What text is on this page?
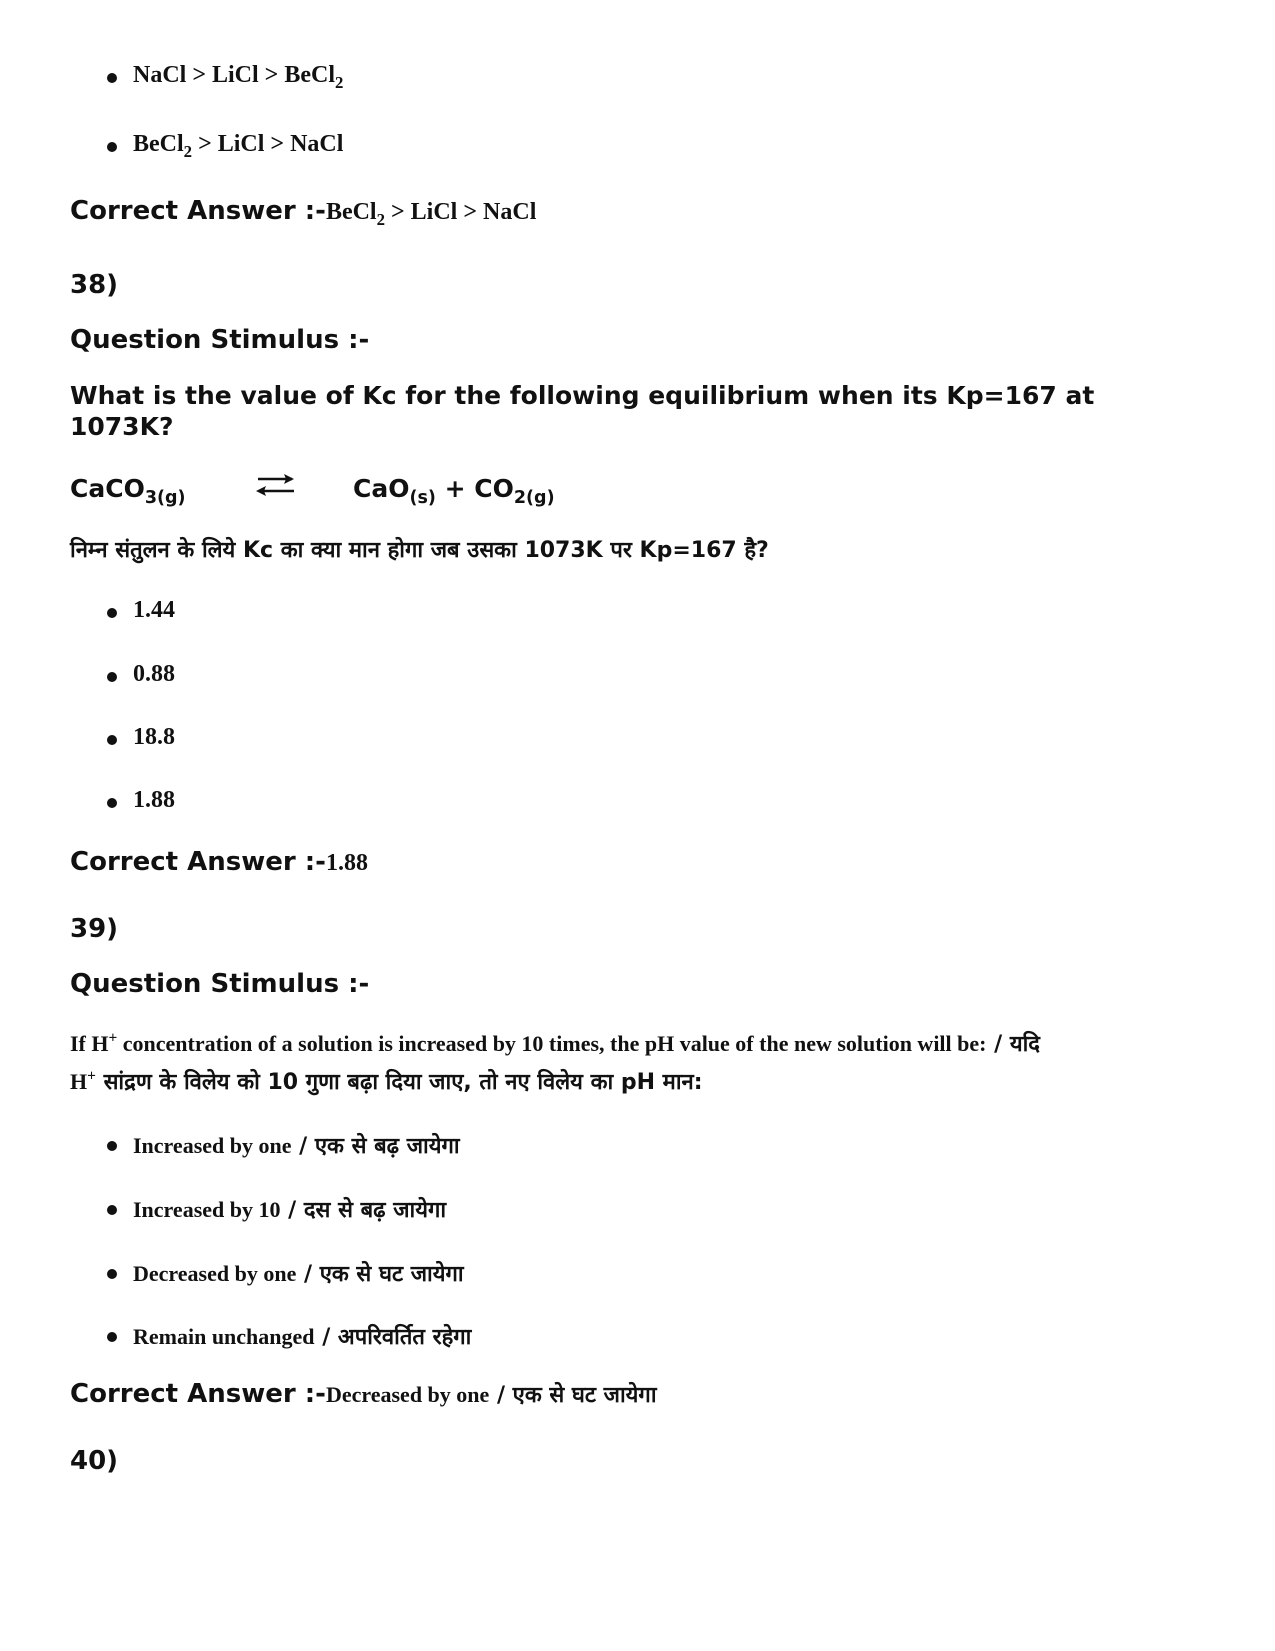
NaCl > LiCl > BeCl$_2$
BeCl$_2$ > LiCl > NaCl
Correct Answer :-BeCl$_2$ > LiCl > NaCl
38)
Question Stimulus :-
What is the value of Kc for the following equilibrium when its Kp=167 at
1073K?
CaCO$_{3(g)}$	$CaO_{(s)} + CO_{2(g)}$
निम्न संतुलन के लिये Kc का क्या मान होगा जब उसका 1073K पर Kp=167 है?
1.44
0.88
18.8
1.88
Correct Answer :-1.88
39)
Question Stimulus :-
If H+ concentration of a solution is increased by 10 times, the pH value of the new solution will be: / यदि
H+ सांद्रण के विलेय को 10 गुणा बढ़ा दिया जाए, तो नए विलेय का pH मान:
Increased by one / एक से बढ़ जायेगा
Increased by 10 / दस से बढ़ जायेगा
Decreased by one / एक से घट जायेगा
Remain unchanged / अपरिवर्तित रहेगा
Correct Answer :-Decreased by one / एक से घट जायेगा
40)
